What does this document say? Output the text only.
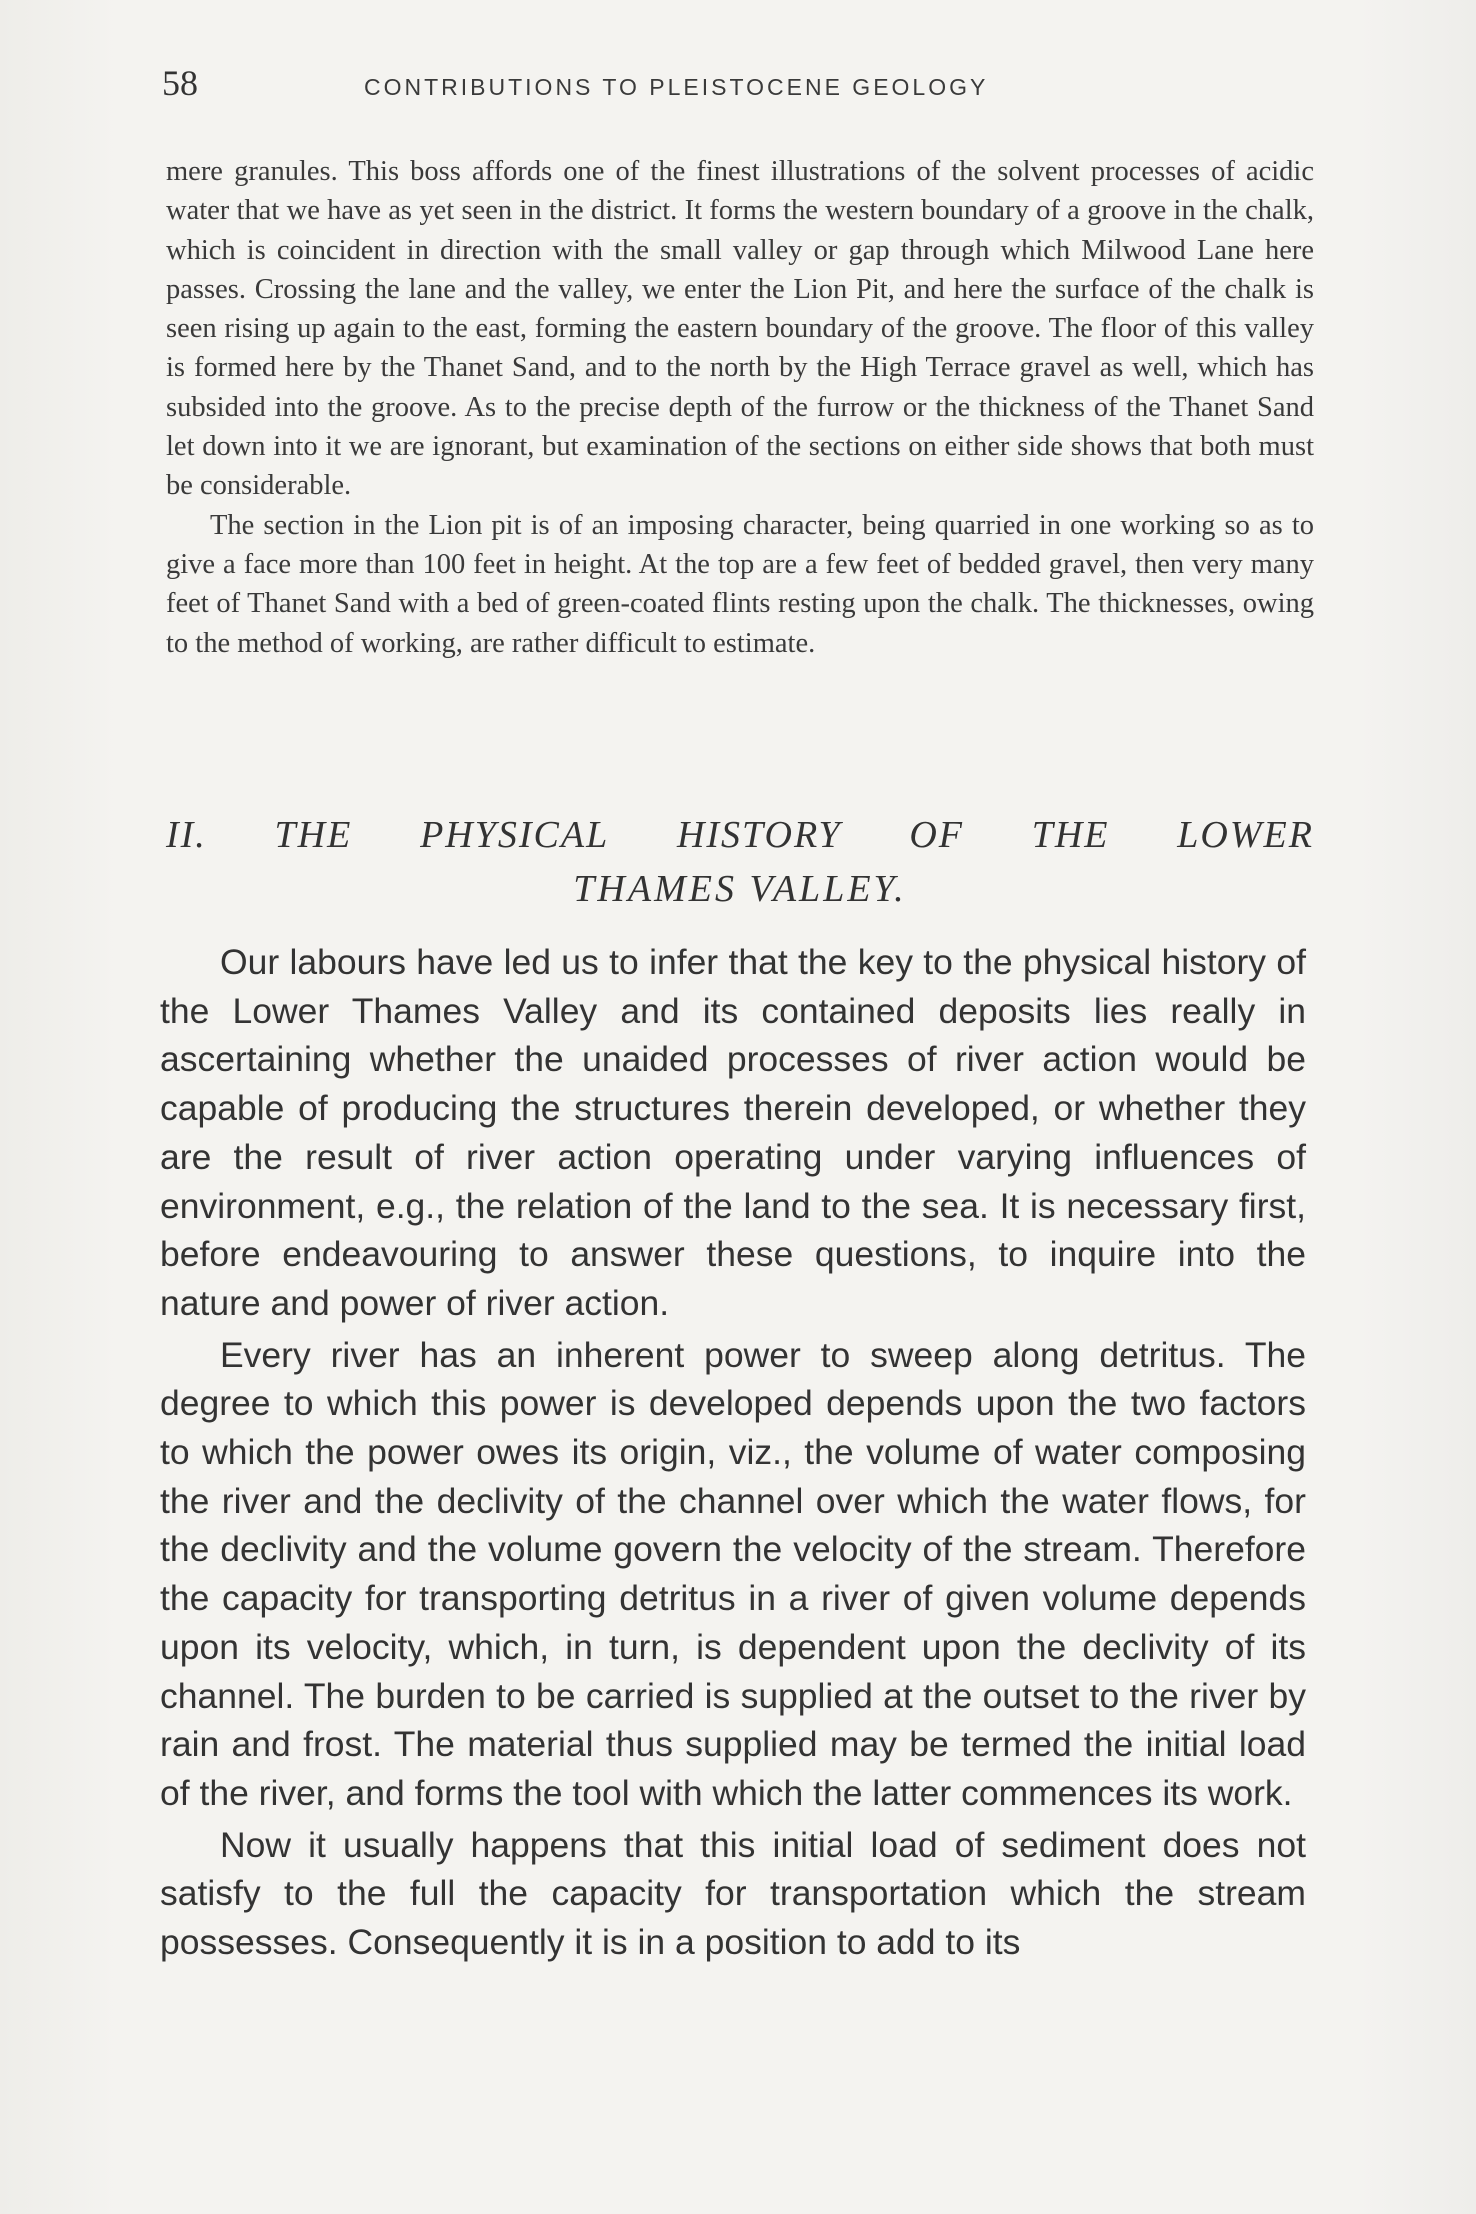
58	CONTRIBUTIONS TO PLEISTOCENE GEOLOGY

mere granules. This boss affords one of the finest illustrations of the solvent processes of acidic water that we have as yet seen in the district. It forms the western boundary of a groove in the chalk, which is coincident in direction with the small valley or gap through which Milwood Lane here passes. Crossing the lane and the valley, we enter the Lion Pit, and here the surfɑce of the chalk is seen rising up again to the east, forming the eastern boundary of the groove. The floor of this valley is formed here by the Thanet Sand, and to the north by the High Terrace gravel as well, which has subsided into the groove. As to the precise depth of the furrow or the thickness of the Thanet Sand let down into it we are ignorant, but examination of the sections on either side shows that both must be considerable.

The section in the Lion pit is of an imposing character, being quarried in one working so as to give a face more than 100 feet in height. At the top are a few feet of bedded gravel, then very many feet of Thanet Sand with a bed of green-coated flints resting upon the chalk. The thicknesses, owing to the method of working, are rather difficult to estimate.

II. THE PHYSICAL HISTORY OF THE LOWER
THAMES VALLEY.

Our labours have led us to infer that the key to the physical history of the Lower Thames Valley and its contained deposits lies really in ascertaining whether the unaided processes of river action would be capable of producing the structures therein developed, or whether they are the result of river action operating under varying influences of environment, e.g., the relation of the land to the sea. It is necessary first, before endeavouring to answer these questions, to inquire into the nature and power of river action.

Every river has an inherent power to sweep along detritus. The degree to which this power is developed depends upon the two factors to which the power owes its origin, viz., the volume of water composing the river and the declivity of the channel over which the water flows, for the declivity and the volume govern the velocity of the stream. Therefore the capacity for transporting detritus in a river of given volume depends upon its velocity, which, in turn, is dependent upon the declivity of its channel. The burden to be carried is supplied at the outset to the river by rain and frost. The material thus supplied may be termed the initial load of the river, and forms the tool with which the latter commences its work.

Now it usually happens that this initial load of sediment does not satisfy to the full the capacity for transportation which the stream possesses. Consequently it is in a position to add to its
